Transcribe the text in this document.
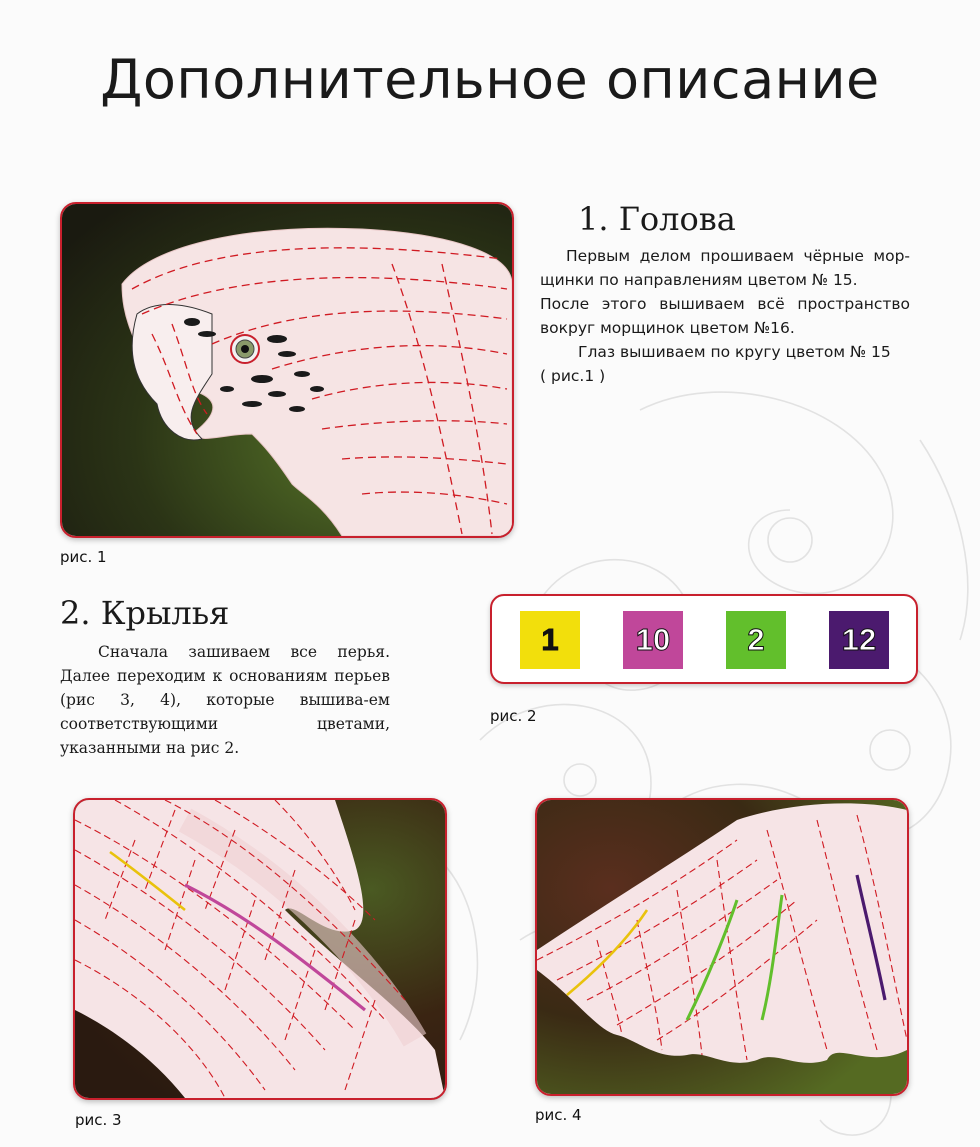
Дополнительное описание
рис. 1
1. Голова

Первым делом прошиваем чёрные мор-щинки по направлениям цветом № 15.

После этого вышиваем всё пространство вокруг морщинок цветом №16.

Глаз вышиваем по кругу цветом № 15

( рис.1 )

2. Крылья

Сначала зашиваем все перья. Далее переходим к основаниям перьев (рис 3, 4), которые вышива-ем соответствующими цветами, указанными на рис 2.

1 10 2 12
рис. 2
рис. 3	рис. 4
